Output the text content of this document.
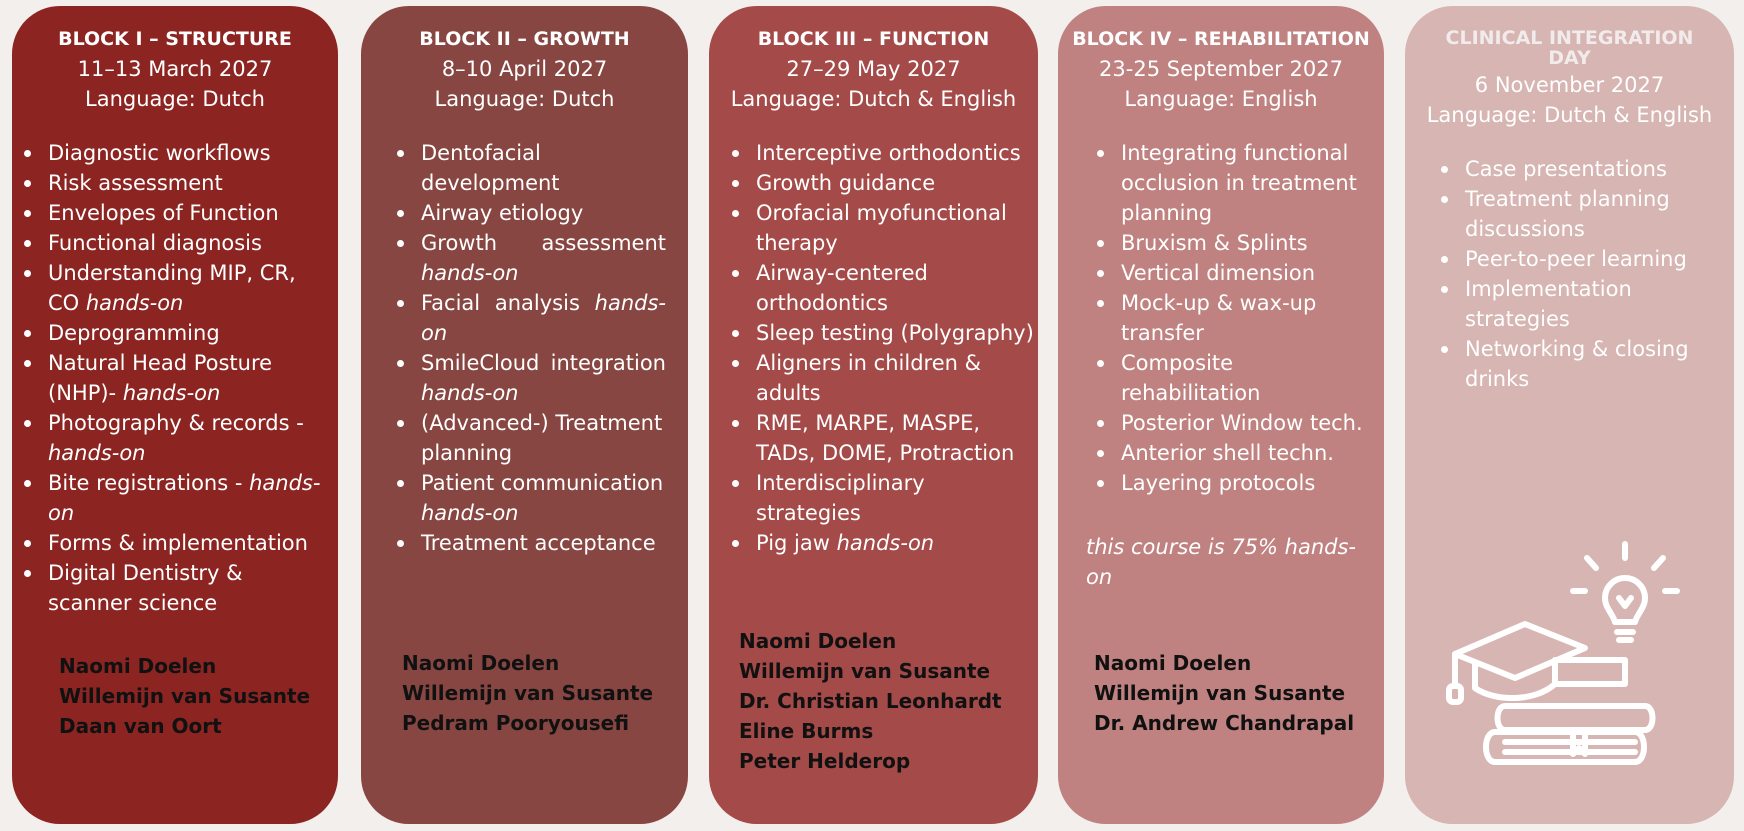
BLOCK I – STRUCTURE
11–13 March 2027
Language: Dutch
Diagnostic workflows
Risk assessment
Envelopes of Function
Functional diagnosis
Understanding MIP, CR, CO hands-on
Deprogramming
Natural Head Posture (NHP)- hands-on
Photography & records - hands-on
Bite registrations - hands-on
Forms & implementation
Digital Dentistry & scanner science
Naomi Doelen
Willemijn van Susante
Daan van Oort
BLOCK II – GROWTH
8–10 April 2027
Language: Dutch
Dentofacial development
Airway etiology
Growth assessment hands-on
Facial analysis hands-on
SmileCloud integration hands-on
(Advanced-) Treatment planning
Patient communication hands-on
Treatment acceptance
Naomi Doelen
Willemijn van Susante
Pedram Pooryousefi
BLOCK III – FUNCTION
27–29 May 2027
Language: Dutch & English
Interceptive orthodontics
Growth guidance
Orofacial myofunctional therapy
Airway-centered orthodontics
Sleep testing (Polygraphy)
Aligners in children & adults
RME, MARPE, MASPE, TADs, DOME, Protraction
Interdisciplinary strategies
Pig jaw hands-on
Naomi Doelen
Willemijn van Susante
Dr. Christian Leonhardt
Eline Burms
Peter Helderop
BLOCK IV – REHABILITATION
23-25 September 2027
Language: English
Integrating functional occlusion in treatment planning
Bruxism & Splints
Vertical dimension
Mock-up & wax-up transfer
Composite rehabilitation
Posterior Window tech.
Anterior shell techn.
Layering protocols
this course is 75% hands-on
Naomi Doelen
Willemijn van Susante
Dr. Andrew Chandrapal
CLINICAL INTEGRATION DAY
6 November 2027
Language: Dutch & English
Case presentations
Treatment planning discussions
Peer-to-peer learning
Implementation strategies
Networking & closing drinks
